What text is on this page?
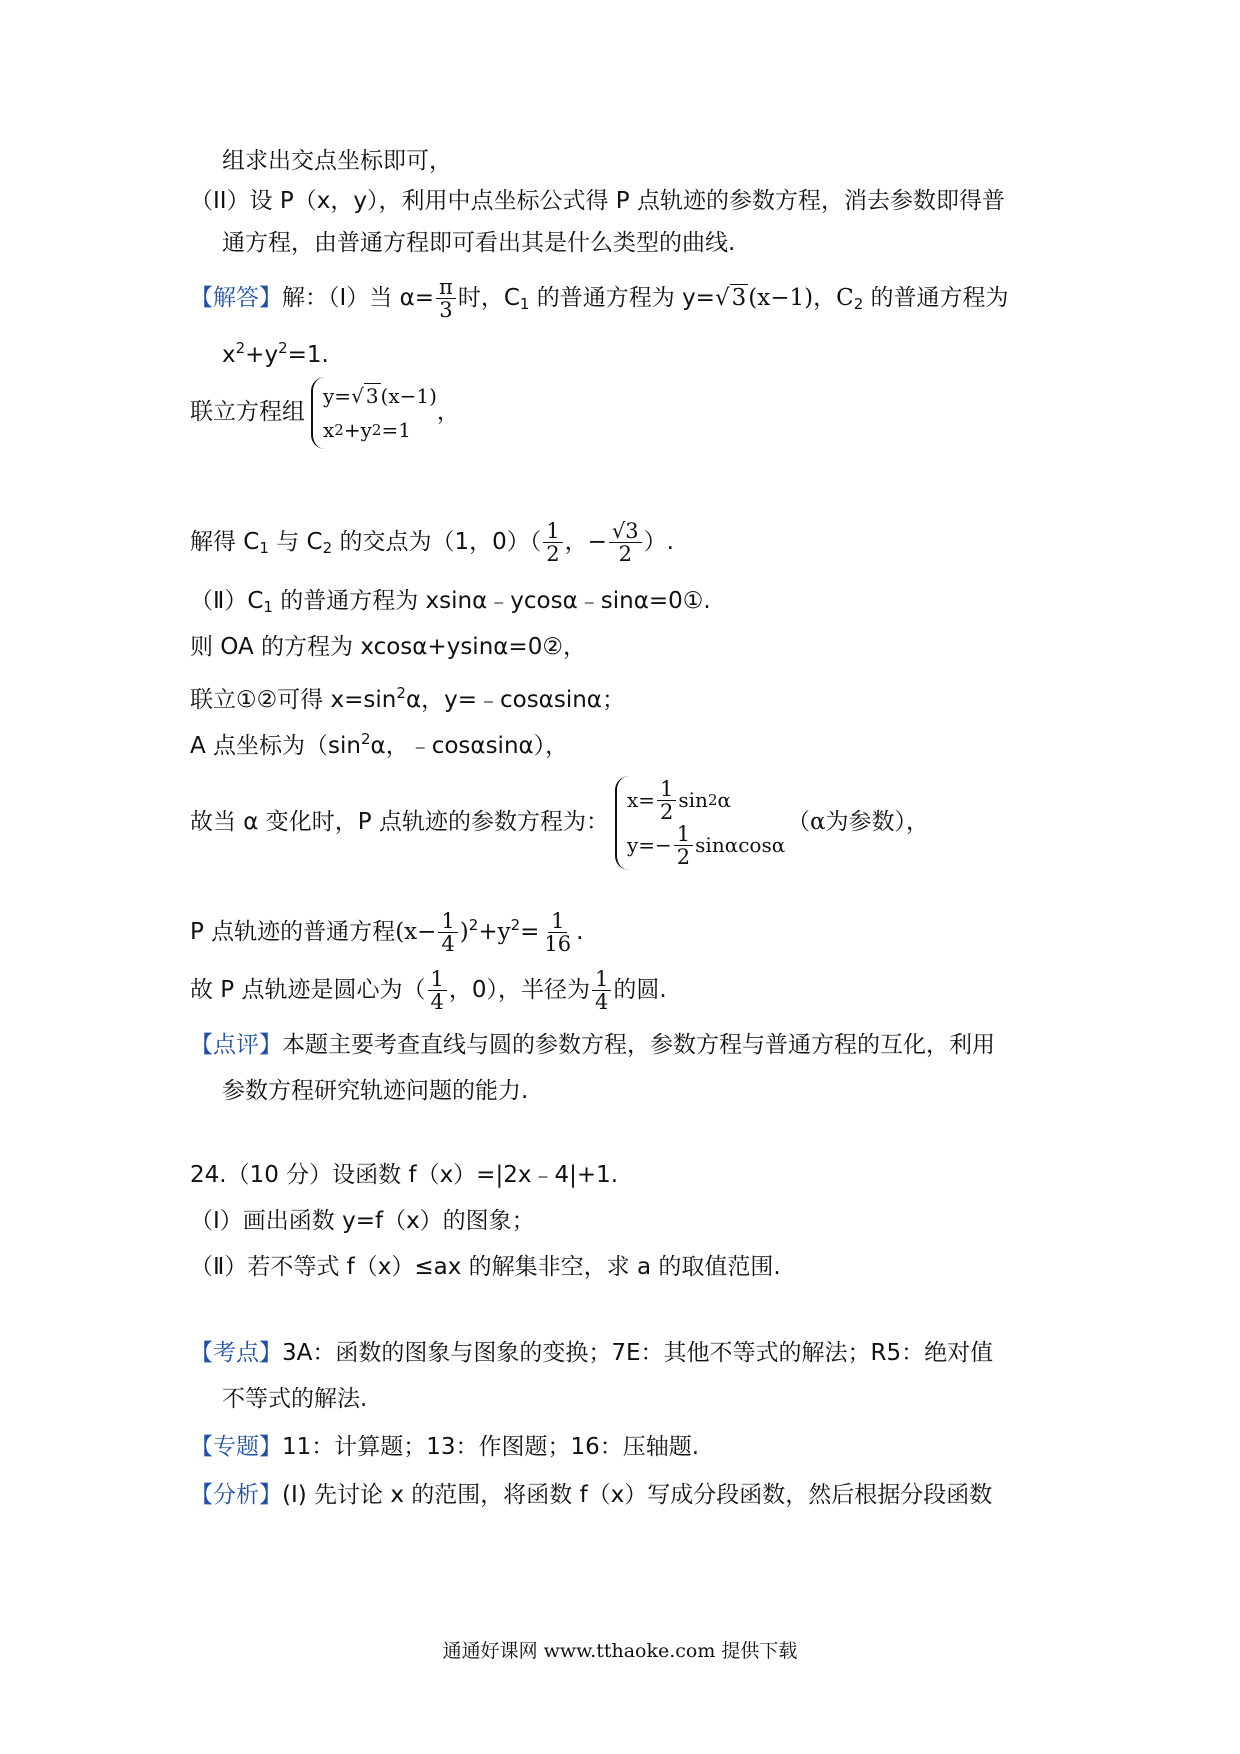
组求出交点坐标即可，
（II）设 P（x，y），利用中点坐标公式得 P 点轨迹的参数方程，消去参数即得普
通方程，由普通方程即可看出其是什么类型的曲线.
【解答】解：（Ⅰ）当 $\alpha= \frac{\pi}{3}$ 时，$C_1$ 的普通方程为 y=√3(x−1)，$C_2$ 的普通方程为
$x^2+y^2=1$.
联立方程组
y= √ 3 (x−1)
x 2 +y 2 =1
，
解得 $C_1$ 与 $C_2$ 的交点为（1，$0)( \frac{1}{2}$ ，− $\frac{√3}{2}$ ）.
$(Ⅱ)C_1$ 的普通方程为 xsinα﹣ycosα﹣sinα=0①.
则 OA 的方程为 xcosα+ysinα=0②，
联立①②可得 $x=\sin^2\alpha$，y=﹣cosαsinα；
A 点坐标为（$\sin^2\alpha$，﹣cosαsinα），
故当 α 变化时，P 点轨迹的参数方程为：
$x= \frac{1}{2}$ sin 2 α
$y=- \frac{1}{2}$ sinαcosα
（α为参数），
P 点轨迹的普通方程$(x- \frac{1}{4} )^2+y^2= \frac{1}{16}$ .
故 P 点轨迹是圆心为（ $\frac{1}{4}$ ，0），半径为 $\frac{1}{4}$ 的圆.
【点评】本题主要考查直线与圆的参数方程，参数方程与普通方程的互化，利用
参数方程研究轨迹问题的能力.
24.（10 分）设函数 f（x）=|2x﹣4|+1.
（Ⅰ）画出函数 y=f（x）的图象；
（Ⅱ）若不等式 f（x）≤ax 的解集非空，求 a 的取值范围.
【考点】3A：函数的图象与图象的变换；7E：其他不等式的解法；R5：绝对值
不等式的解法.
【专题】11：计算题；13：作图题；16：压轴题.
【分析】(Ⅰ) 先讨论 x 的范围，将函数 f（x）写成分段函数，然后根据分段函数
通通好课网 www.tthaoke.com 提供下载
